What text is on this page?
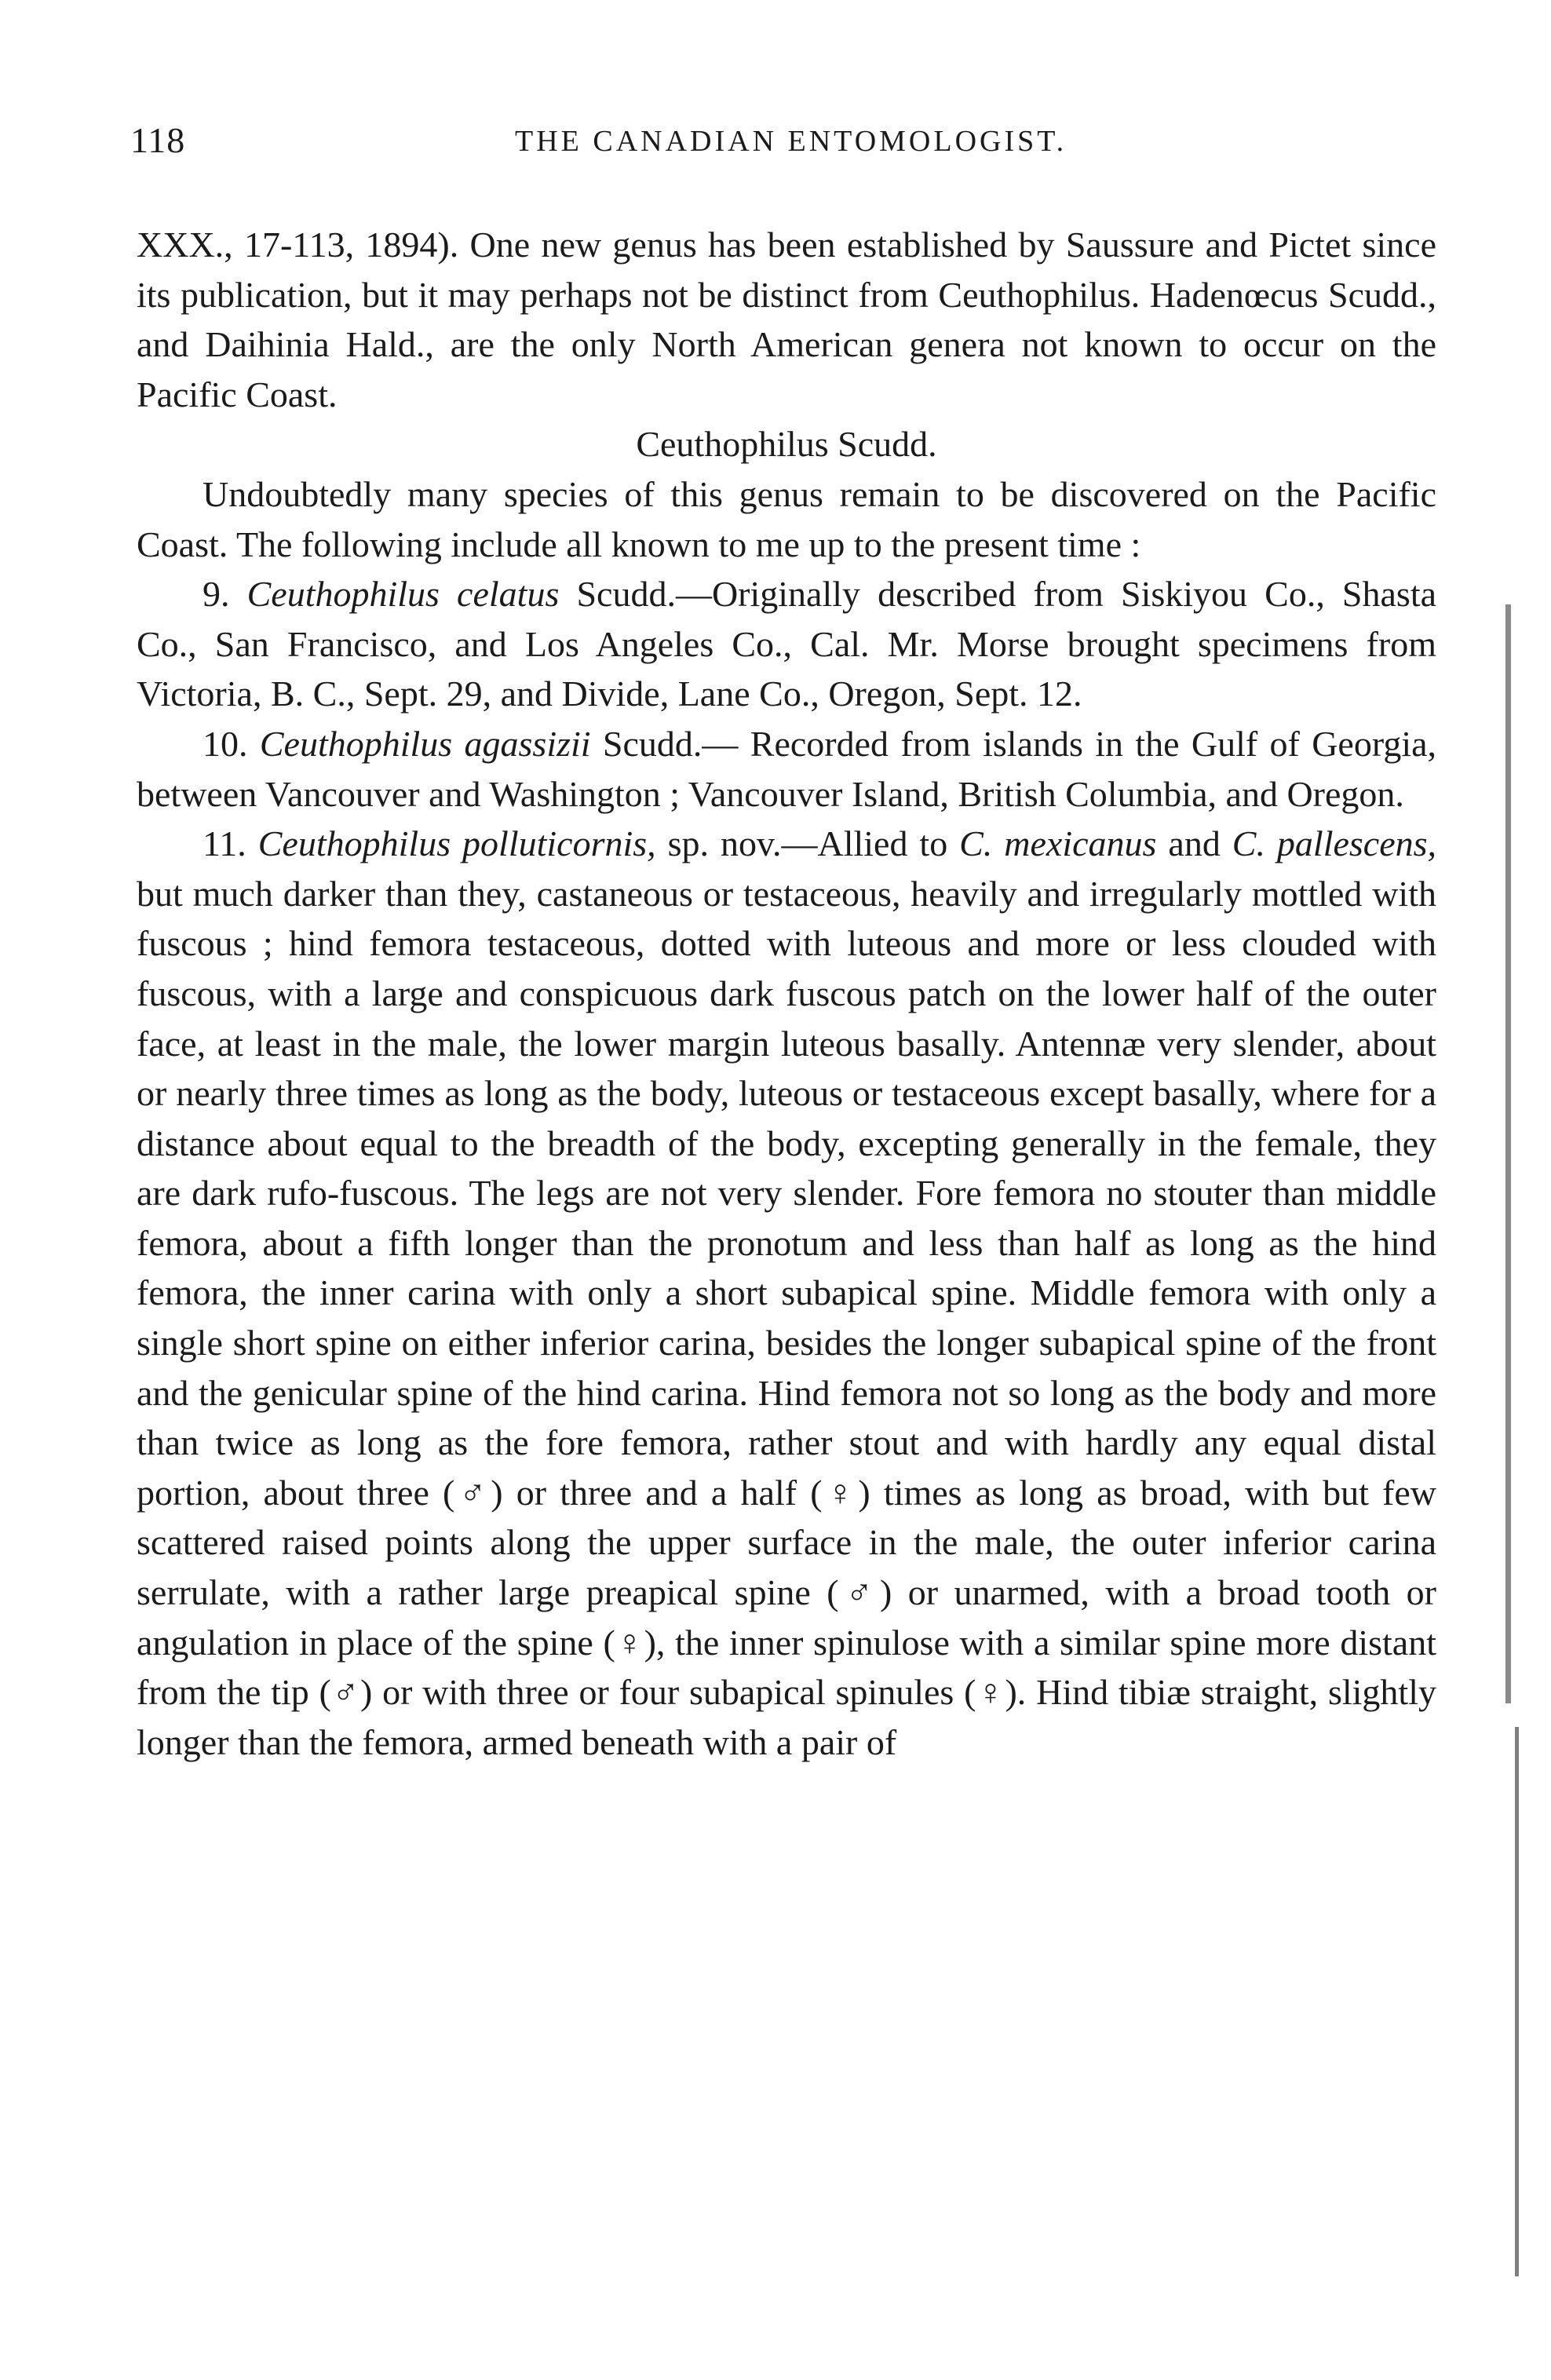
118	THE CANADIAN ENTOMOLOGIST.

XXX., 17-113, 1894). One new genus has been established by Saussure and Pictet since its publication, but it may perhaps not be distinct from Ceuthophilus. Hadenœcus Scudd., and Daihinia Hald., are the only North American genera not known to occur on the Pacific Coast.

Ceuthophilus Scudd.

Undoubtedly many species of this genus remain to be discovered on the Pacific Coast. The following include all known to me up to the present time :

9. Ceuthophilus celatus Scudd.—Originally described from Siskiyou Co., Shasta Co., San Francisco, and Los Angeles Co., Cal. Mr. Morse brought specimens from Victoria, B. C., Sept. 29, and Divide, Lane Co., Oregon, Sept. 12.

10. Ceuthophilus agassizii Scudd.— Recorded from islands in the Gulf of Georgia, between Vancouver and Washington ; Vancouver Island, British Columbia, and Oregon.

11. Ceuthophilus polluticornis, sp. nov.—Allied to C. mexicanus and C. pallescens, but much darker than they, castaneous or testaceous, heavily and irregularly mottled with fuscous ; hind femora testaceous, dotted with luteous and more or less clouded with fuscous, with a large and conspicuous dark fuscous patch on the lower half of the outer face, at least in the male, the lower margin luteous basally. Antennæ very slender, about or nearly three times as long as the body, luteous or testaceous except basally, where for a distance about equal to the breadth of the body, excepting generally in the female, they are dark rufo-fuscous. The legs are not very slender. Fore femora no stouter than middle femora, about a fifth longer than the pronotum and less than half as long as the hind femora, the inner carina with only a short subapical spine. Middle femora with only a single short spine on either inferior carina, besides the longer subapical spine of the front and the genicular spine of the hind carina. Hind femora not so long as the body and more than twice as long as the fore femora, rather stout and with hardly any equal distal portion, about three (♂) or three and a half (♀) times as long as broad, with but few scattered raised points along the upper surface in the male, the outer inferior carina serrulate, with a rather large preapical spine (♂) or unarmed, with a broad tooth or angulation in place of the spine (♀), the inner spinulose with a similar spine more distant from the tip (♂) or with three or four subapical spinules (♀). Hind tibiæ straight, slightly longer than the femora, armed beneath with a pair of
